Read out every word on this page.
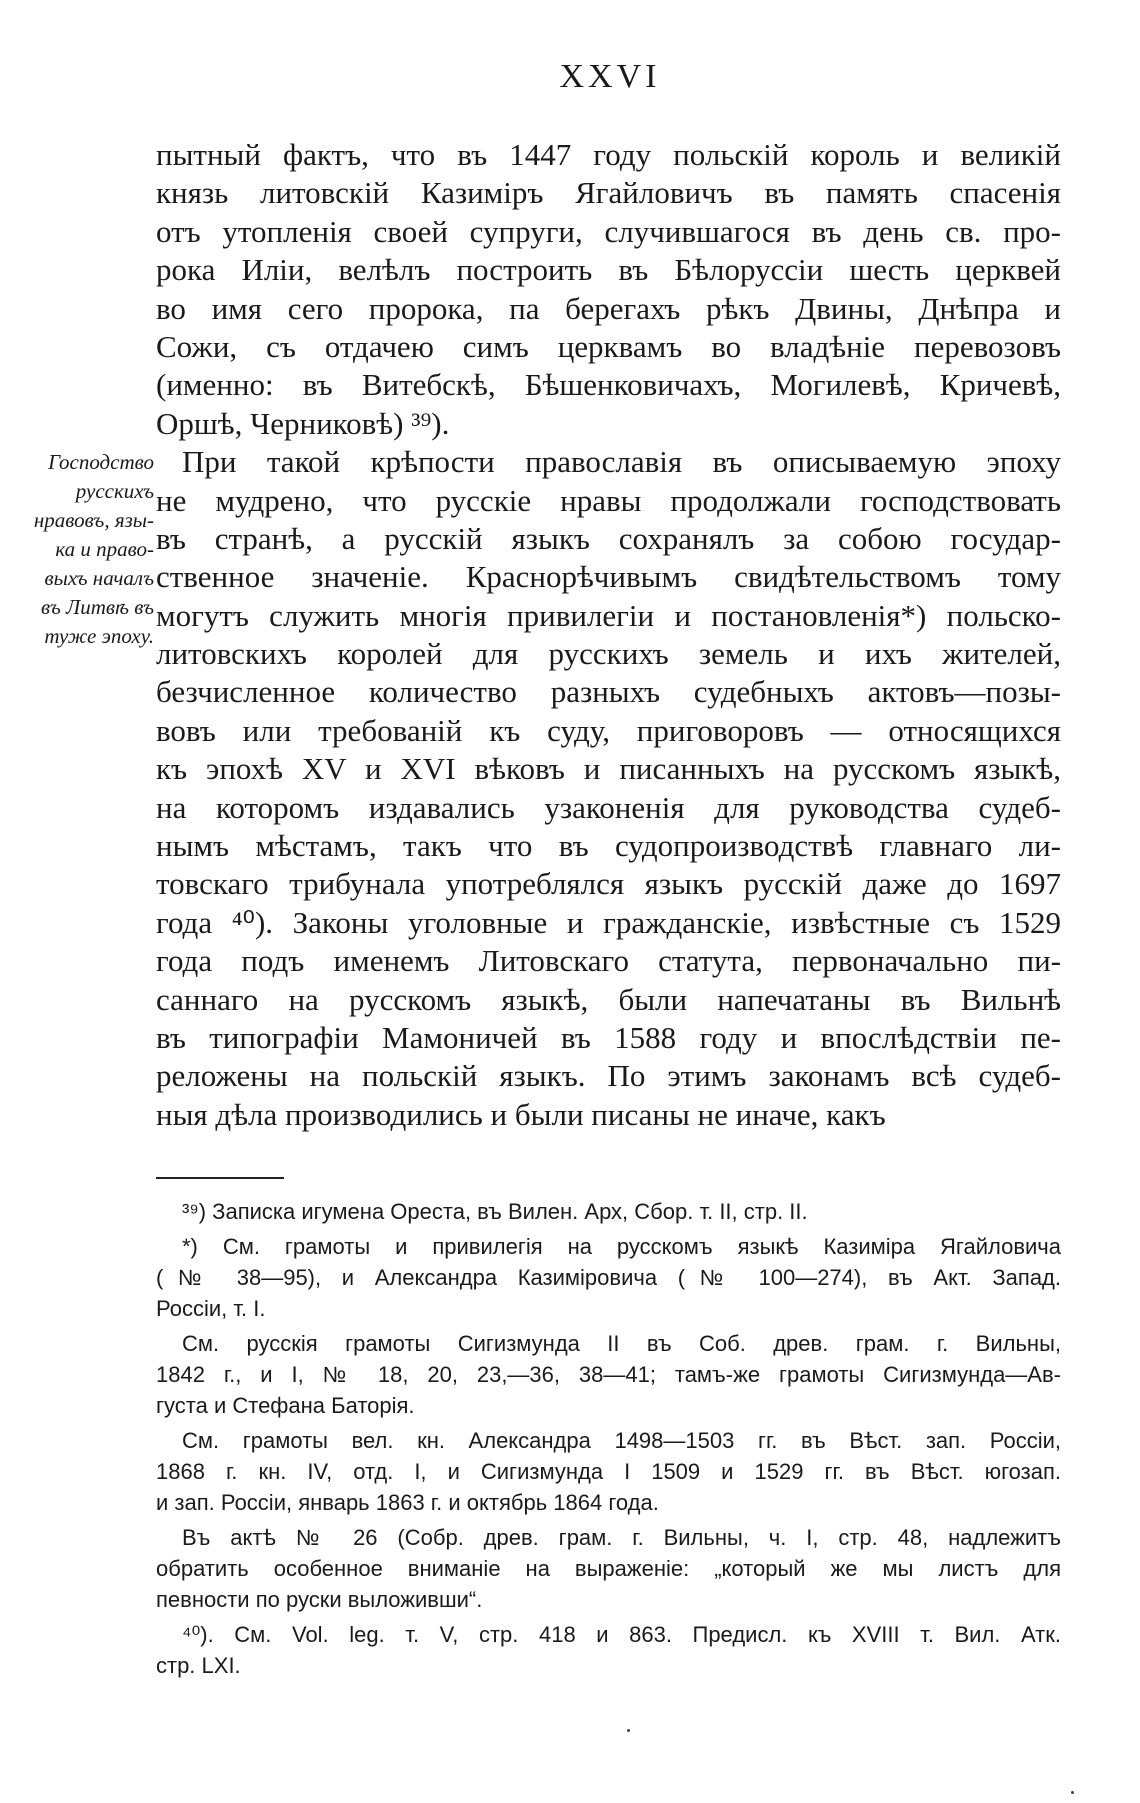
XXVI
пытный фактъ, что въ 1447 году польскій король и великій
князь литовскій Казиміръ Ягайловичъ въ память спасенія
отъ утопленія своей супруги, случившагося въ день св. про-
рока Иліи, велѣлъ построить въ Бѣлоруссіи шесть церквей
во имя сего пророка, па берегахъ рѣкъ Двины, Днѣпра и
Сожи, съ отдачею симъ церквамъ во владѣніе перевозовъ
(именно: въ Витебскѣ, Бѣшенковичахъ, Могилевѣ, Кричевѣ,
Оршѣ, Черниковѣ) ³⁹).
При такой крѣпости православія въ описываемую эпоху
не мудрено, что русскіе нравы продолжали господствовать
въ странѣ, а русскій языкъ сохранялъ за собою государ-
ственное значеніе. Краснорѣчивымъ свидѣтельствомъ тому
могутъ служить многія привилегіи и постановленія*) польско-
литовскихъ королей для русскихъ земель и ихъ жителей,
безчисленное количество разныхъ судебныхъ актовъ—позы-
вовъ или требованій къ суду, приговоровъ — относящихся
къ эпохѣ XV и XVI вѣковъ и писанныхъ на русскомъ языкѣ,
на которомъ издавались узаконенія для руководства судеб-
нымъ мѣстамъ, такъ что въ судопроизводствѣ главнаго ли-
товскаго трибунала употреблялся языкъ русскій даже до 1697
года ⁴⁰). Законы уголовные и гражданскіе, извѣстные съ 1529
года подъ именемъ Литовскаго статута, первоначально пи-
саннаго на русскомъ языкѣ, были напечатаны въ Вильнѣ
въ типографіи Мамоничей въ 1588 году и впослѣдствіи пе-
реложены на польскій языкъ. По этимъ законамъ всѣ судеб-
ныя дѣла производились и были писаны не иначе, какъ
Господство
русскихъ
нравовъ, язы-
ка и право-
выхъ началъ
въ Литвѣ въ
туже эпоху.
³⁹) Записка игумена Ореста, въ Вилен. Арх, Сбор. т. II, стр. II.
*) См. грамоты и привилегія на русскомъ языкѣ Казиміра Ягайловича
(№ 38—95), и Александра Казиміровича (№ 100—274), въ Акт. Запад.
Россіи, т. I.
См. русскія грамоты Сигизмунда II въ Соб. древ. грам. г. Вильны,
1842 г., и I, № 18, 20, 23,—36, 38—41; тамъ-же грамоты Сигизмунда—Ав-
густа и Стефана Баторія.
См. грамоты вел. кн. Александра 1498—1503 гг. въ Вѣст. зап. Россіи,
1868 г. кн. IV, отд. I, и Сигизмунда I 1509 и 1529 гг. въ Вѣст. югозап.
и зап. Россіи, январь 1863 г. и октябрь 1864 года.
Въ актѣ № 26 (Собр. древ. грам. г. Вильны, ч. I, стр. 48, надлежитъ
обратить особенное вниманіе на выраженіе: „который же мы листъ для
певности по руски выложивши“.
⁴⁰). См. Vol. leg. т. V, стр. 418 и 863. Предисл. къ XVIII т. Вил. Атк.
стр. LXI.
